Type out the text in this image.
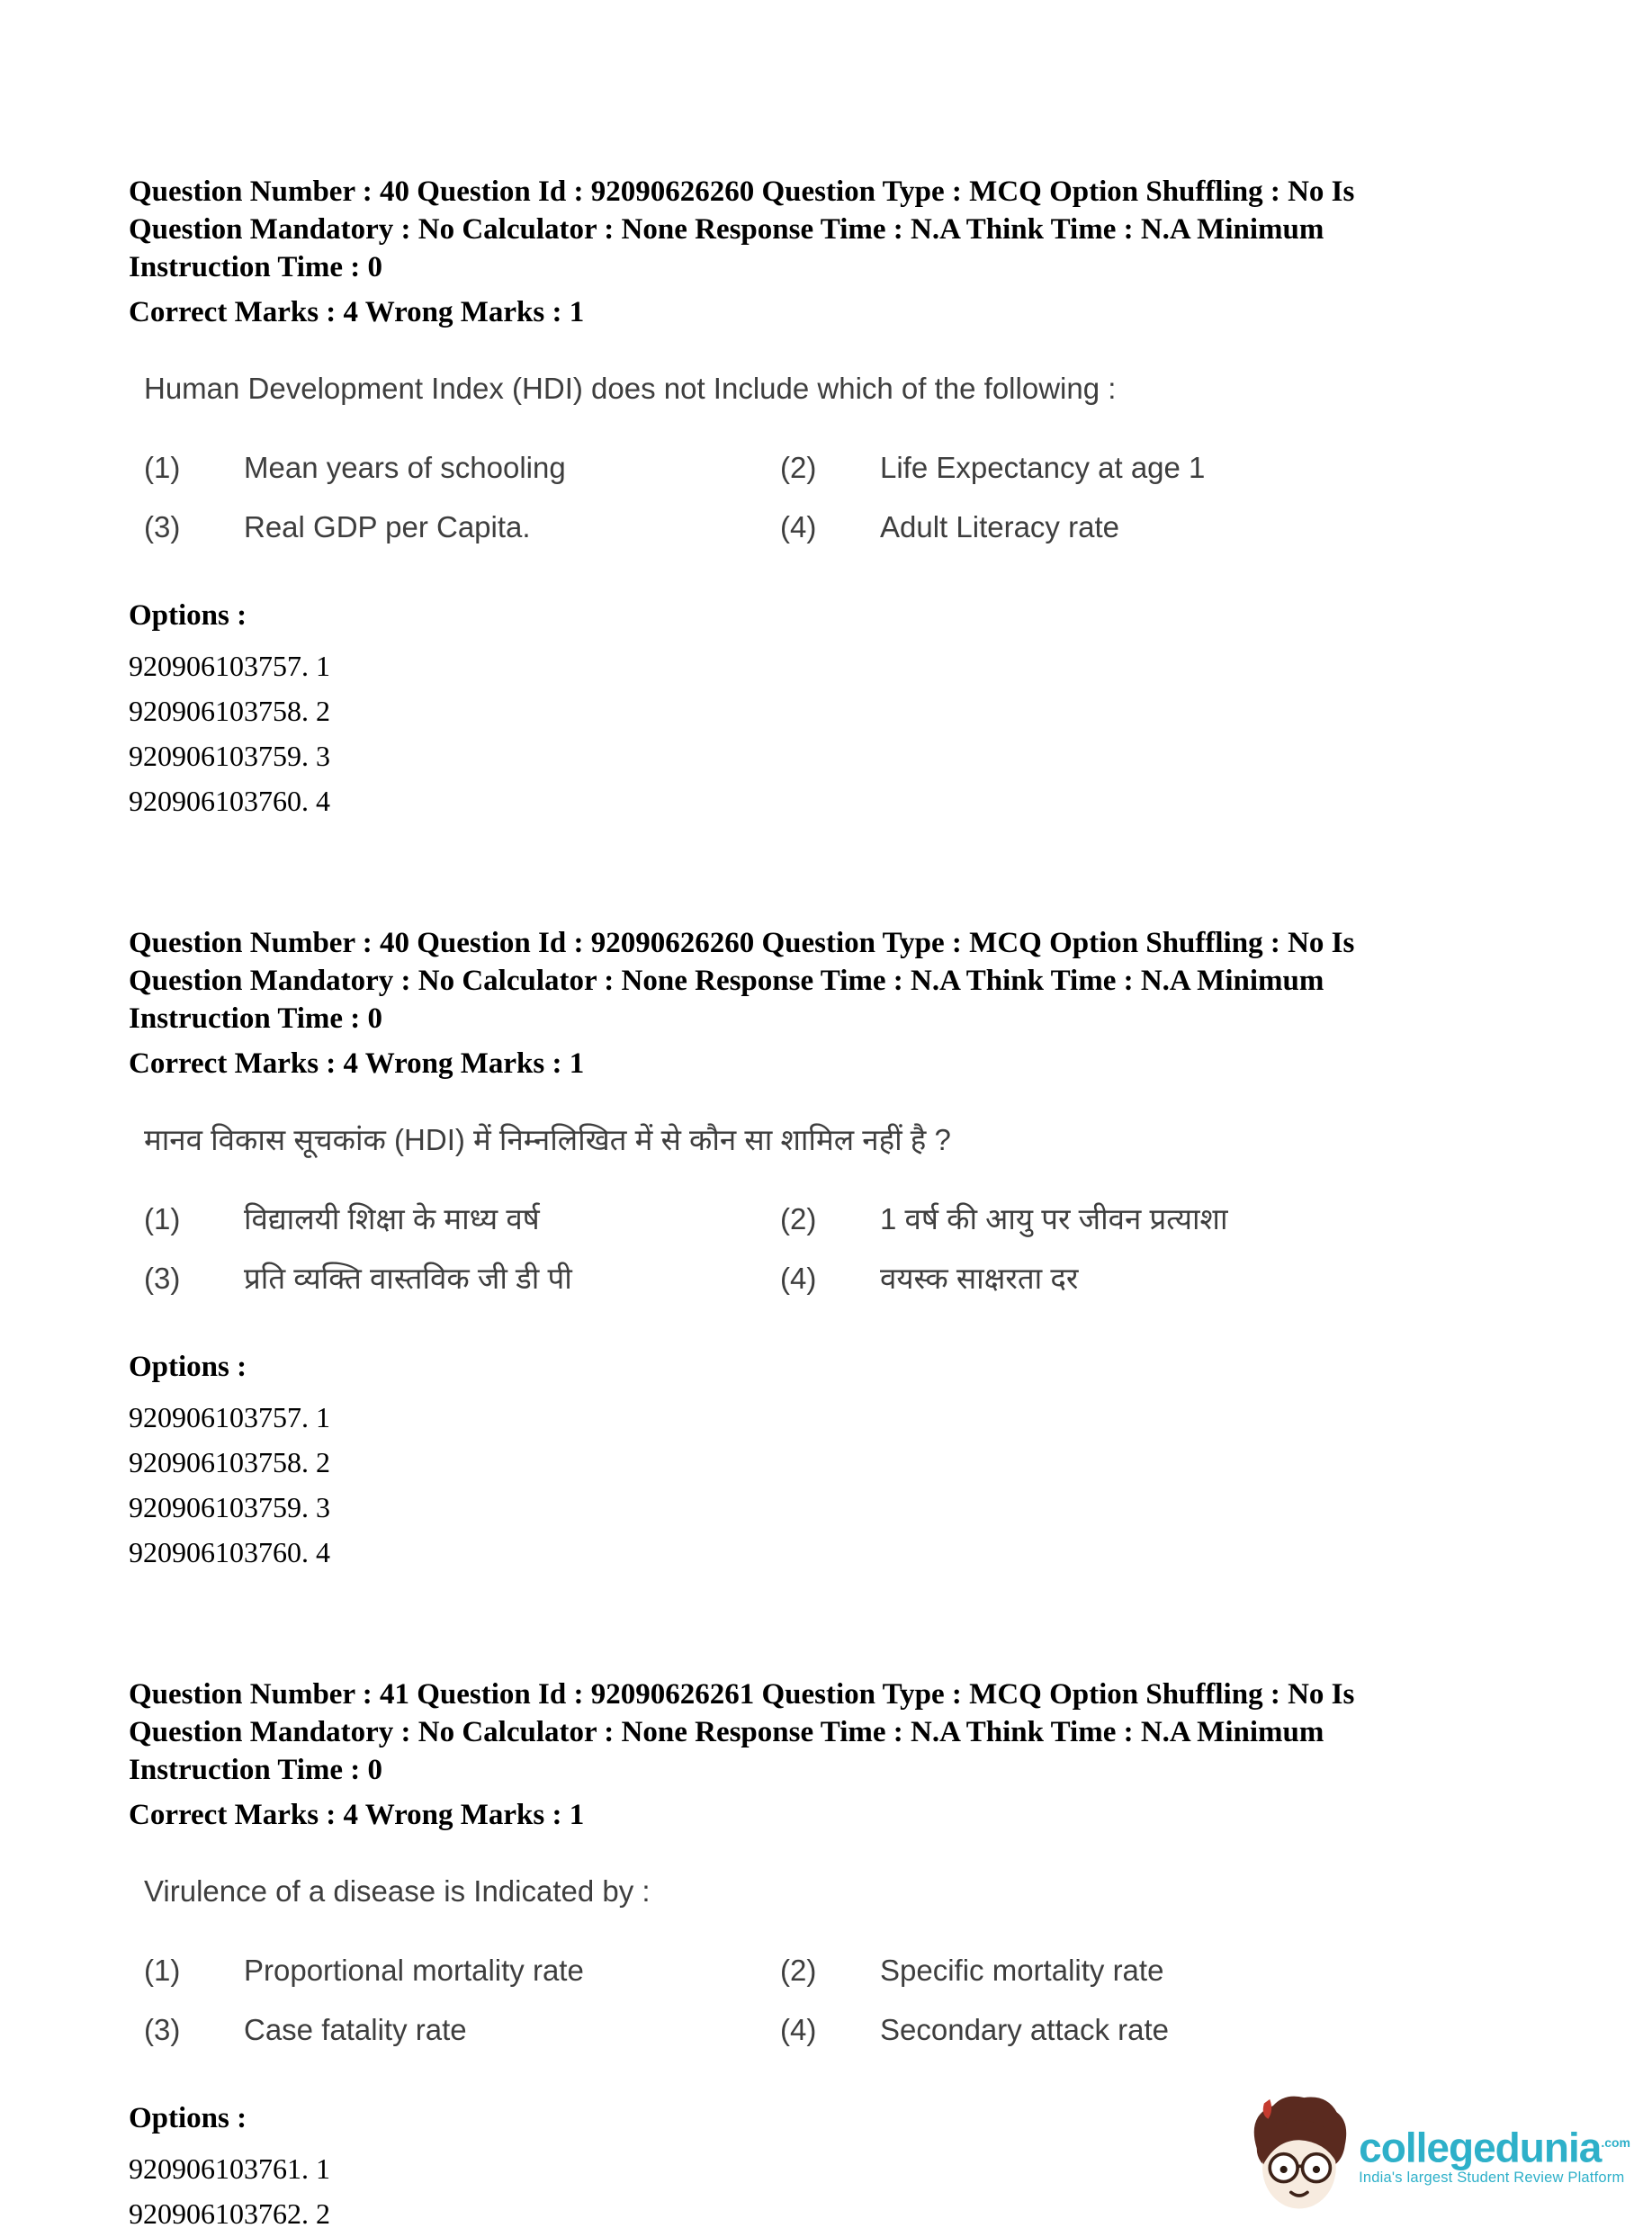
Question Number : 40 Question Id : 92090626260 Question Type : MCQ Option Shuffling : No Is
Question Mandatory : No Calculator : None Response Time : N.A Think Time : N.A Minimum
Instruction Time : 0
Correct Marks : 4 Wrong Marks : 1
Human Development Index (HDI) does not Include which of the following :
(1)	Mean years of schooling	(2)	Life Expectancy at age 1
(3)	Real GDP per Capita.	(4)	Adult Literacy rate
Options :
920906103757. 1
920906103758. 2
920906103759. 3
920906103760. 4
Question Number : 40 Question Id : 92090626260 Question Type : MCQ Option Shuffling : No Is
Question Mandatory : No Calculator : None Response Time : N.A Think Time : N.A Minimum
Instruction Time : 0
Correct Marks : 4 Wrong Marks : 1
मानव विकास सूचकांक (HDI) में निम्नलिखित में से कौन सा शामिल नहीं है ?
(1)	विद्यालयी शिक्षा के माध्य वर्ष	(2)	1 वर्ष की आयु पर जीवन प्रत्याशा
(3)	प्रति व्यक्ति वास्तविक जी डी पी	(4)	वयस्क साक्षरता दर
Options :
920906103757. 1
920906103758. 2
920906103759. 3
920906103760. 4
Question Number : 41 Question Id : 92090626261 Question Type : MCQ Option Shuffling : No Is
Question Mandatory : No Calculator : None Response Time : N.A Think Time : N.A Minimum
Instruction Time : 0
Correct Marks : 4 Wrong Marks : 1
Virulence of a disease is Indicated by :
(1)	Proportional mortality rate	(2)	Specific mortality rate
(3)	Case fatality rate	(4)	Secondary attack rate
Options :
920906103761. 1
920906103762. 2
collegedunia$^{.com}$
India's largest Student Review Platform
